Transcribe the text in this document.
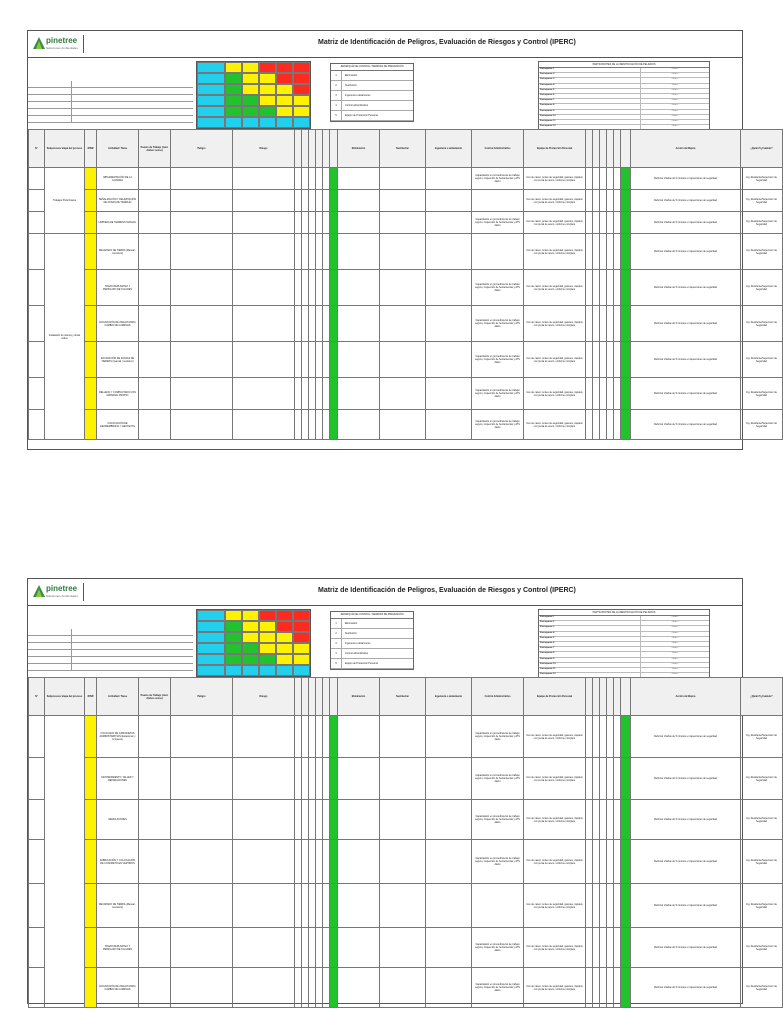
pinetree
Soluciones Ambientales
Matriz de Identificación de Peligros, Evaluación de Riesgos y Control (IPERC)
JERARQUÍA DE CONTROL / MEDIDAS DE PREVENCIÓN
1	Eliminación
2	Sustitución
3	Ingeniería o aislamiento
4	Control administrativo
5	Equipo de Protección Personal
PARTICIPANTES DE LA IDENTIFICACIÓN DE PELIGROS
Participante 1	~ firma ~
Participante 2	~ firma ~
Participante 3	~ firma ~
Participante 4	~ firma ~
Participante 5	~ firma ~
Participante 6	~ firma ~
Participante 7	~ firma ~
Participante 8	~ firma ~
Participante 9	~ firma ~
Participante 10	~ firma ~
Participante 11	~ firma ~
Participante 12	~ firma ~
N°	Subproceso/ etapa del proceso	R/NR	Actividad / Tarea	Puesto de Trabajo (cant. Ambos sexos)	Peligro	Riesgo							Eliminación	Sustitución	Ingeniería o aislamiento	Control Administrativo	Equipo de Protección Personal							Acción de Mejora	¿Quién?/¿Cuándo?
	Trabajos Preliminares		IMPLEMENTACIÓN DE LA GUARDIA													Capacitación en procedimiento de trabajo seguro, inspección de herramientas y ATS diario	Uso de casco, lentes de seguridad, guantes, zapatos con punta de acero, uniforme completo							Reforzar charlas de 5 minutos e inspecciones de seguridad	Ing. Residente/Supervisor de Seguridad
			SEÑALIZACIÓN Y DELIMITACIÓN DE ZONAS DE TRABAJO														Uso de casco, lentes de seguridad, guantes, zapatos con punta de acero, uniforme completo							Reforzar charlas de 5 minutos e inspecciones de seguridad	Ing. Residente/Supervisor de Seguridad
			LIMPIEZA DE TERRENO MANUAL													Capacitación en procedimiento de trabajo seguro, inspección de herramientas y ATS diario	Uso de casco, lentes de seguridad, guantes, zapatos con punta de acero, uniforme completo							Reforzar charlas de 5 minutos e inspecciones de seguridad	Ing. Residente/Supervisor de Seguridad
	Instalación de tubería y obras civiles		DECAPADO DE TIERRA (Manual - mecánico)														Uso de casco, lentes de seguridad, guantes, zapatos con punta de acero, uniforme completo							Reforzar charlas de 5 minutos e inspecciones de seguridad	Ing. Residente/Supervisor de Seguridad
			TRAZO REPLANTEO Y PERFILADO DE TALUDES													Capacitación en procedimiento de trabajo seguro, inspección de herramientas y ATS diario	Uso de casco, lentes de seguridad, guantes, zapatos con punta de acero, uniforme completo							Reforzar charlas de 5 minutos e inspecciones de seguridad	Ing. Residente/Supervisor de Seguridad
			EXCAVACIÓN DE ZANJAS PARA CAMBIO DE CARRILES													Capacitación en procedimiento de trabajo seguro, inspección de herramientas y ATS diario	Uso de casco, lentes de seguridad, guantes, zapatos con punta de acero, uniforme completo							Reforzar charlas de 5 minutos e inspecciones de seguridad	Ing. Residente/Supervisor de Seguridad
			EXCAVACIÓN DE ZANJAS DE TIERRAS (manual, mecánico)													Capacitación en procedimiento de trabajo seguro, inspección de herramientas y ATS diario	Uso de casco, lentes de seguridad, guantes, zapatos con punta de acero, uniforme completo							Reforzar charlas de 5 minutos e inspecciones de seguridad	Ing. Residente/Supervisor de Seguridad
			RELLENO Y COMPACTADO CON MATERIAL PROPIO													Capacitación en procedimiento de trabajo seguro, inspección de herramientas y ATS diario	Uso de casco, lentes de seguridad, guantes, zapatos con punta de acero, uniforme completo							Reforzar charlas de 5 minutos e inspecciones de seguridad	Ing. Residente/Supervisor de Seguridad
			COLOCACIÓN DE GEOMEMBRANA Y GEOTEXTIL													Capacitación en procedimiento de trabajo seguro, inspección de herramientas y ATS diario	Uso de casco, lentes de seguridad, guantes, zapatos con punta de acero, uniforme completo							Reforzar charlas de 5 minutos e inspecciones de seguridad	Ing. Residente/Supervisor de Seguridad
pinetree
Soluciones Ambientales
Matriz de Identificación de Peligros, Evaluación de Riesgos y Control (IPERC)
JERARQUÍA DE CONTROL / MEDIDAS DE PREVENCIÓN
1	Eliminación
2	Sustitución
3	Ingeniería o aislamiento
4	Control administrativo
5	Equipo de Protección Personal
PARTICIPANTES DE LA IDENTIFICACIÓN DE PELIGROS
Participante 1	~ firma ~
Participante 2	~ firma ~
Participante 3	~ firma ~
Participante 4	~ firma ~
Participante 5	~ firma ~
Participante 6	~ firma ~
Participante 7	~ firma ~
Participante 8	~ firma ~
Participante 9	~ firma ~
Participante 10	~ firma ~
Participante 11	~ firma ~
Participante 12	~ firma ~
N°	Subproceso/ etapa del proceso	R/NR	Actividad / Tarea	Puesto de Trabajo (cant. Ambos sexos)	Peligro	Riesgo							Eliminación	Sustitución	Ingeniería o aislamiento	Control Administrativo	Equipo de Protección Personal							Acción de Mejora	¿Quién?/¿Cuándo?
			COLOCADO DE CAMIONETAS ADMINISTRATIVAS (Estacionar y Limpieza)													Capacitación en procedimiento de trabajo seguro, inspección de herramientas y ATS diario	Uso de casco, lentes de seguridad, guantes, zapatos con punta de acero, uniforme completo							Reforzar charlas de 5 minutos e inspecciones de seguridad	Ing. Residente/Supervisor de Seguridad
			MANTENIMIENTO, TALLER Y REPARACIONES													Capacitación en procedimiento de trabajo seguro, inspección de herramientas y ATS diario	Uso de casco, lentes de seguridad, guantes, zapatos con punta de acero, uniforme completo							Reforzar charlas de 5 minutos e inspecciones de seguridad	Ing. Residente/Supervisor de Seguridad
			DEMOLICIONES													Capacitación en procedimiento de trabajo seguro, inspección de herramientas y ATS diario	Uso de casco, lentes de seguridad, guantes, zapatos con punta de acero, uniforme completo							Reforzar charlas de 5 minutos e inspecciones de seguridad	Ing. Residente/Supervisor de Seguridad
			FABRICACIÓN Y COLOCACIÓN DE CONCRETO EN VERTIDOS													Capacitación en procedimiento de trabajo seguro, inspección de herramientas y ATS diario	Uso de casco, lentes de seguridad, guantes, zapatos con punta de acero, uniforme completo							Reforzar charlas de 5 minutos e inspecciones de seguridad	Ing. Residente/Supervisor de Seguridad
			DECAPADO DE TIERRA (Manual - mecánico)														Uso de casco, lentes de seguridad, guantes, zapatos con punta de acero, uniforme completo							Reforzar charlas de 5 minutos e inspecciones de seguridad	Ing. Residente/Supervisor de Seguridad
			TRAZO REPLANTEO Y PERFILADO DE TALUDES													Capacitación en procedimiento de trabajo seguro, inspección de herramientas y ATS diario	Uso de casco, lentes de seguridad, guantes, zapatos con punta de acero, uniforme completo							Reforzar charlas de 5 minutos e inspecciones de seguridad	Ing. Residente/Supervisor de Seguridad
			EXCAVACIÓN DE ZANJAS PARA CAMBIO DE CARRILES													Capacitación en procedimiento de trabajo seguro, inspección de herramientas y ATS diario	Uso de casco, lentes de seguridad, guantes, zapatos con punta de acero, uniforme completo							Reforzar charlas de 5 minutos e inspecciones de seguridad	Ing. Residente/Supervisor de Seguridad
